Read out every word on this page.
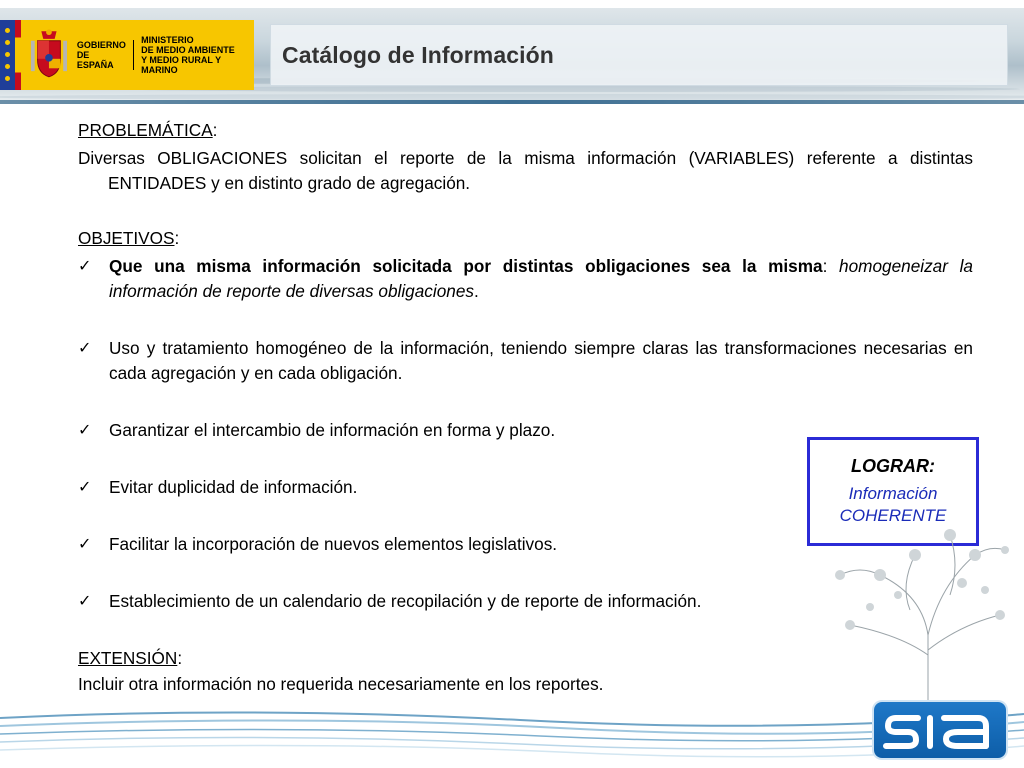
GOBIERNO
DE ESPAÑA
MINISTERIO
DE MEDIO AMBIENTE
Y MEDIO RURAL Y MARINO
Catálogo de Información

PROBLEMÁTICA:

Diversas OBLIGACIONES solicitan el reporte de la misma información (VARIABLES) referente a distintas ENTIDADES y en distinto grado de agregación.

OBJETIVOS:

✓ Que una misma información solicitada por distintas obligaciones sea la misma: homogeneizar la información de reporte de diversas obligaciones.

✓ Uso y tratamiento homogéneo de la información, teniendo siempre claras las transformaciones necesarias en cada agregación y en cada obligación.

✓ Garantizar el intercambio de información en forma y plazo.

✓ Evitar duplicidad de información.

✓ Facilitar la incorporación de nuevos elementos legislativos.

✓ Establecimiento de un calendario de recopilación y de reporte de información.

EXTENSIÓN:

Incluir otra información no requerida necesariamente en los reportes.

LOGRAR:
Información
COHERENTE
